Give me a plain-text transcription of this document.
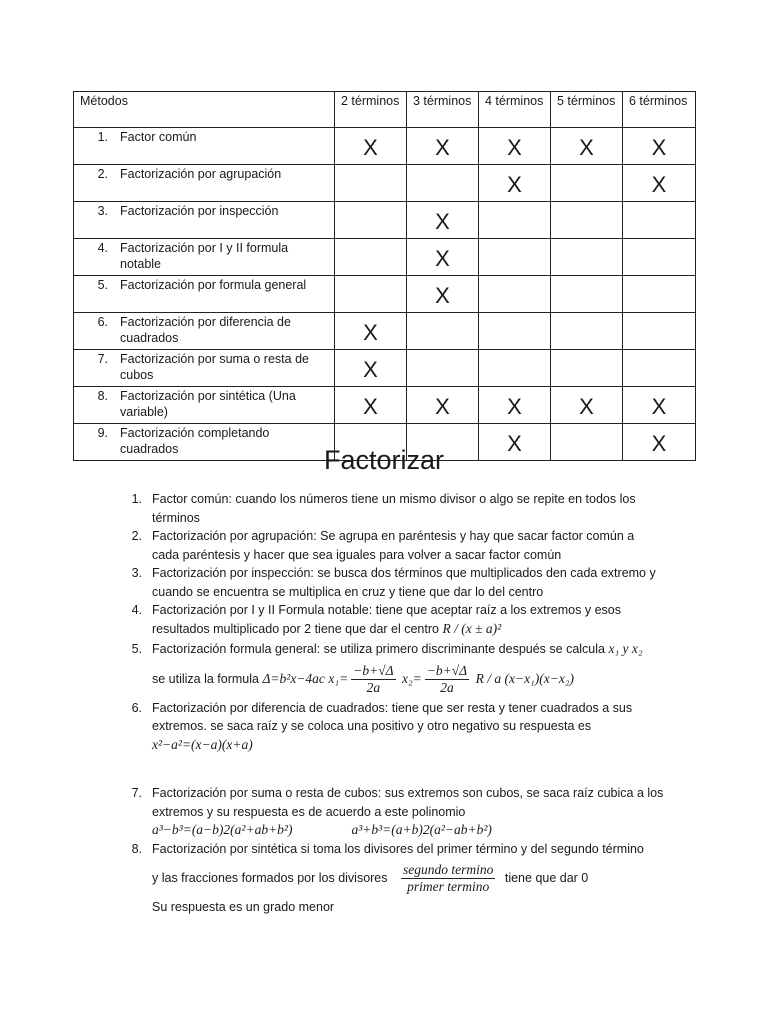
Métodos	2 términos	3 términos	4 términos	5 términos	6 términos
1. Factor común	X	X	X	X	X
2. Factorización por agrupación			X		X
3. Factorización por inspección		X			
4. Factorización por I y II formula notable		X			
5. Factorización por formula general		X			
6. Factorización por diferencia de cuadrados	X				
7. Factorización por suma o resta de cubos	X				
8. Factorización por sintética (Una variable)	X	X	X	X	X
9. Factorización completando cuadrados			X		X
Factorizar
1. Factor común: cuando los números tiene un mismo divisor o algo se repite en todos los términos
2. Factorización por agrupación: Se agrupa en paréntesis y hay que sacar factor común a cada paréntesis y hacer que sea iguales para volver a sacar factor común
3. Factorización por inspección: se busca dos términos que multiplicados den cada extremo y cuando se encuentra se multiplica en cruz y tiene que dar lo del centro
4. Factorización por I y II Formula notable: tiene que aceptar raíz a los extremos y esos resultados multiplicado por 2 tiene que dar el centro R / (x ± a)²
5. Factorización formula general: se utiliza primero discriminante después se calcula x₁ y x₂
se utiliza la formula Δ=b²x−4ac $x_1= \frac{-b+√\Delta}{2a} x_2= \frac{-b+√\Delta}{2a}$ R / a (x−x₁)(x−x₂)
6. Factorización por diferencia de cuadrados: tiene que ser resta y tener cuadrados a sus extremos. se saca raíz y se coloca una positivo y otro negativo su respuesta es
x²−a²=(x−a)(x+a)
7. Factorización por suma o resta de cubos: sus extremos son cubos, se saca raíz cubica a los extremos y su respuesta es de acuerdo a este polinomio
a³−b³=(a−b)2(a²+ab+b²)	a³+b³=(a+b)2(a²−ab+b²)
8. Factorización por sintética si toma los divisores del primer término y del segundo término
y las fracciones formados por los divisores $\frac{\text{segundo termino}}{\text{primer termino}}$ tiene que dar 0
Su respuesta es un grado menor
